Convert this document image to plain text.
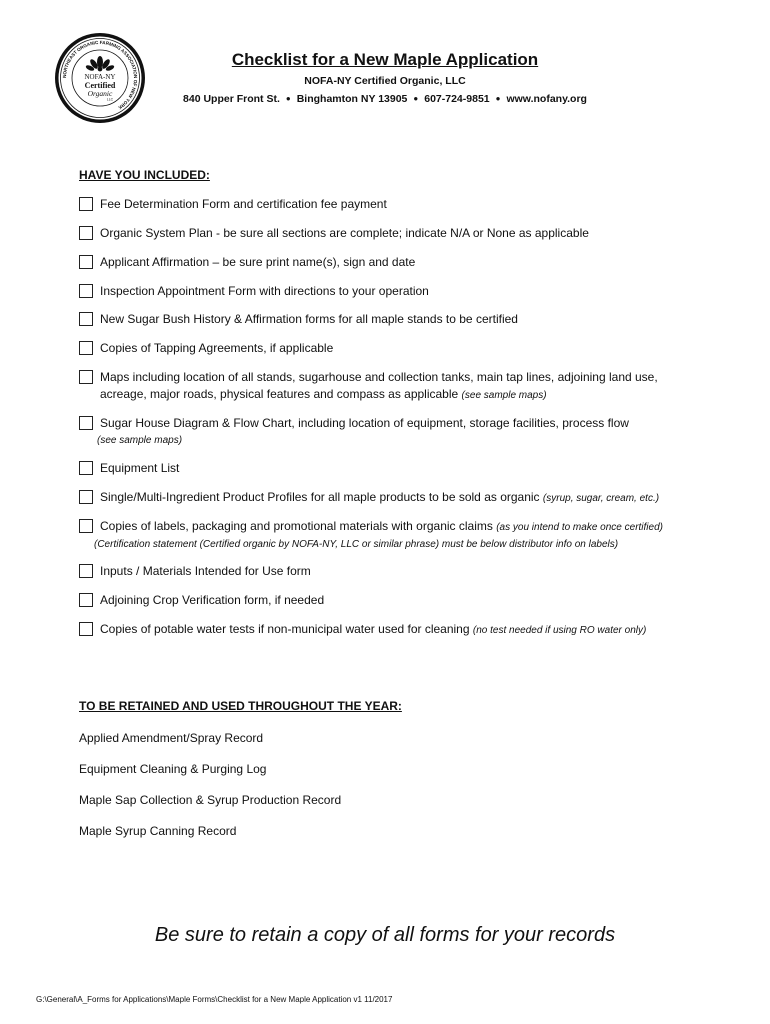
NORTHEAST ORGANIC FARMING ASSOCIATION OF NEW YORK
NOFA-NY
Certified
Organic
LLC
Checklist for a New Maple Application
NOFA-NY Certified Organic, LLC
840 Upper Front St. ● Binghamton NY 13905 ● 607-724-9851 ● www.nofany.org
HAVE YOU INCLUDED:
Fee Determination Form and certification fee payment
Organic System Plan - be sure all sections are complete; indicate N/A or None as applicable
Applicant Affirmation – be sure print name(s), sign and date
Inspection Appointment Form with directions to your operation
New Sugar Bush History & Affirmation forms for all maple stands to be certified
Copies of Tapping Agreements, if applicable
Maps including location of all stands, sugarhouse and collection tanks, main tap lines, adjoining land use,
acreage, major roads, physical features and compass as applicable (see sample maps)
Sugar House Diagram & Flow Chart, including location of equipment, storage facilities, process flow
(see sample maps)
Equipment List
Single/Multi-Ingredient Product Profiles for all maple products to be sold as organic (syrup, sugar, cream, etc.)
Copies of labels, packaging and promotional materials with organic claims (as you intend to make once certified)
(Certification statement (Certified organic by NOFA-NY, LLC or similar phrase) must be below distributor info on labels)
Inputs / Materials Intended for Use form
Adjoining Crop Verification form, if needed
Copies of potable water tests if non-municipal water used for cleaning (no test needed if using RO water only)
TO BE RETAINED AND USED THROUGHOUT THE YEAR:
Applied Amendment/Spray Record
Equipment Cleaning & Purging Log
Maple Sap Collection & Syrup Production Record
Maple Syrup Canning Record
Be sure to retain a copy of all forms for your records
G:\General\A_Forms for Applications\Maple Forms\Checklist for a New Maple Application v1 11/2017
